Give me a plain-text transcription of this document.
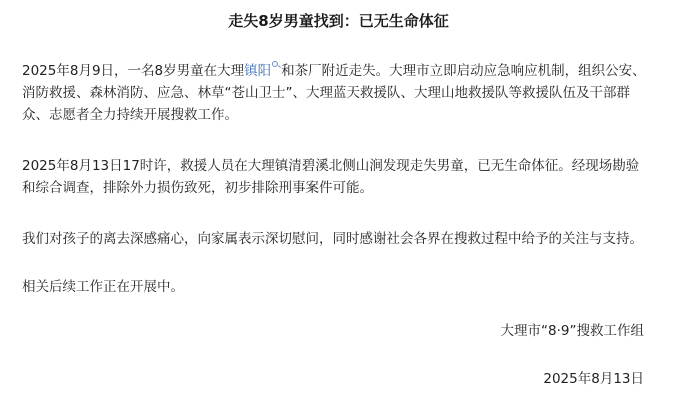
走失8岁男童找到：已无生命体征

2025年8月9日，一名8岁男童在大理镇阳 和茶厂附近走失。大理市立即启动应急响应机制，组织公安、消防救援、森林消防、应急、林草“苍山卫士”、大理蓝天救援队、大理山地救援队等救援队伍及干部群众、志愿者全力持续开展搜救工作。

2025年8月13日17时许，救援人员在大理镇清碧溪北侧山涧发现走失男童，已无生命体征。经现场勘验和综合调查，排除外力损伤致死，初步排除刑事案件可能。

我们对孩子的离去深感痛心，向家属表示深切慰问，同时感谢社会各界在搜救过程中给予的关注与支持。

相关后续工作正在开展中。

大理市“8·9”搜救工作组
2025年8月13日
